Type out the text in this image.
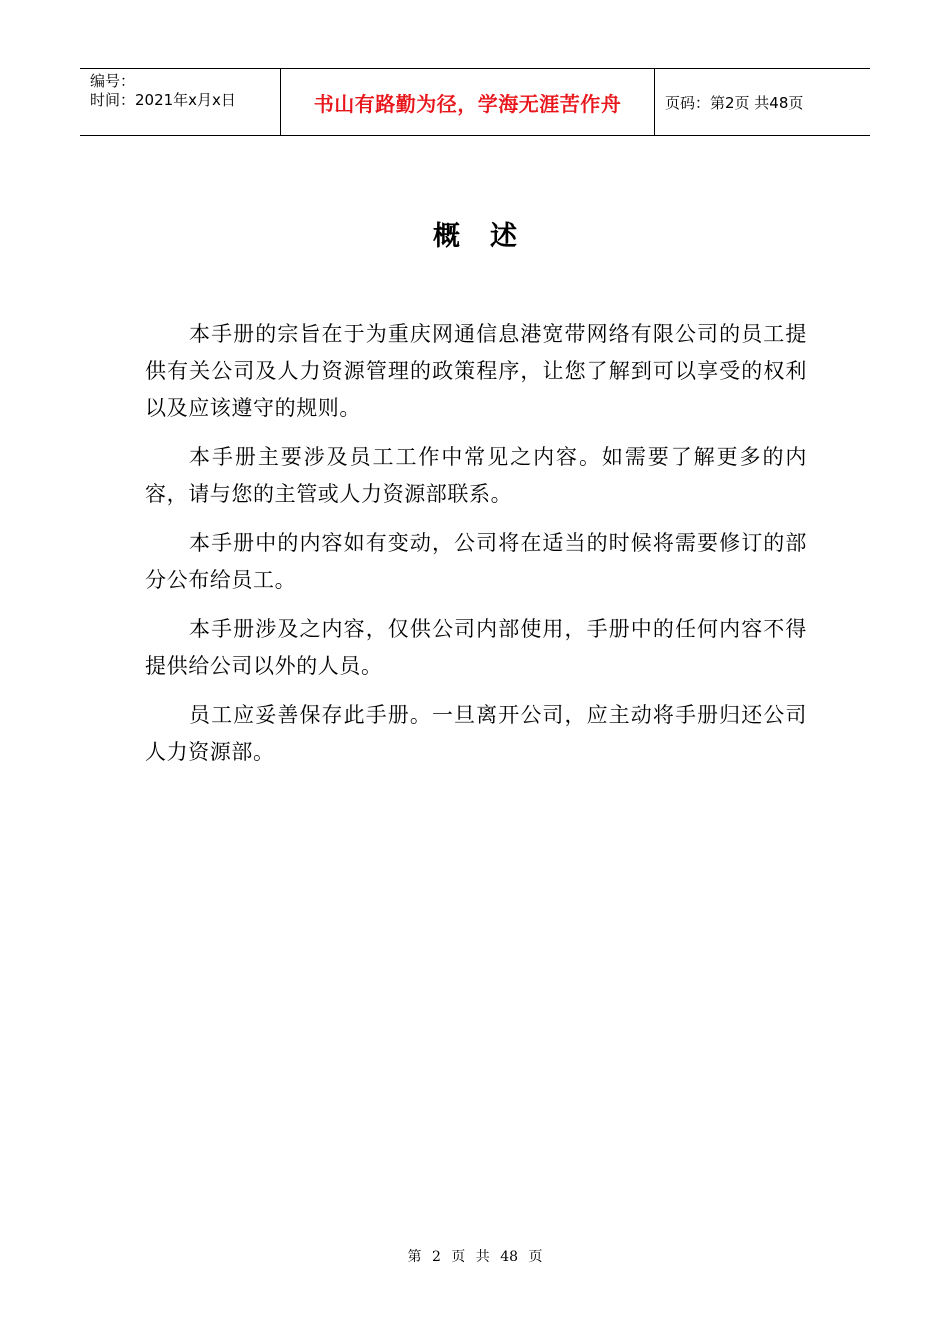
编号：
时间：2021年x月x日	书山有路勤为径，学海无涯苦作舟	页码：第2页 共48页
概述

本手册的宗旨在于为重庆网通信息港宽带网络有限公司的员工提供有关公司及人力资源管理的政策程序，让您了解到可以享受的权利以及应该遵守的规则。

本手册主要涉及员工工作中常见之内容。如需要了解更多的内容，请与您的主管或人力资源部联系。

本手册中的内容如有变动，公司将在适当的时候将需要修订的部分公布给员工。

本手册涉及之内容，仅供公司内部使用，手册中的任何内容不得提供给公司以外的人员。

员工应妥善保存此手册。一旦离开公司，应主动将手册归还公司人力资源部。

第 2 页 共 48 页
